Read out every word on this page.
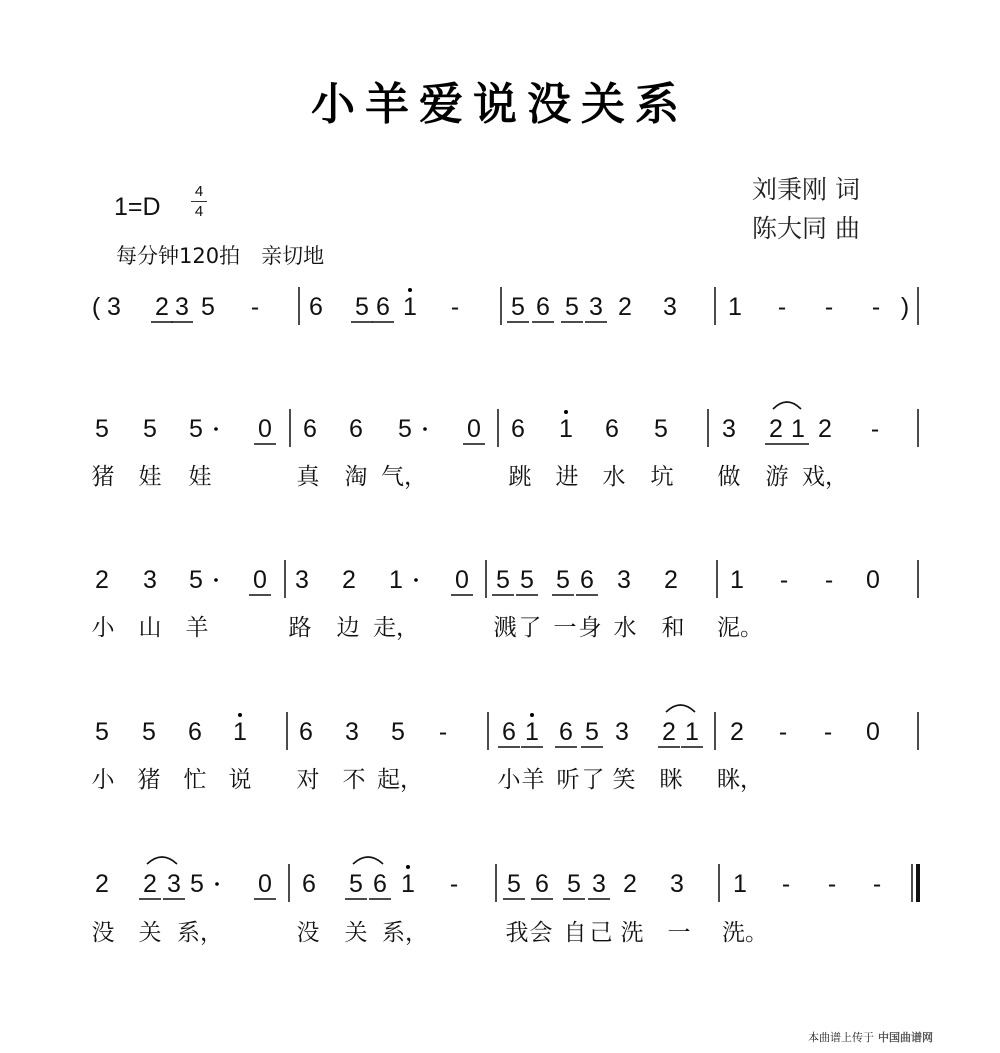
小羊爱说没关系
刘秉刚 词
陈大同 曲
1=D
4
4
每分钟120拍　亲切地
( 3 2 3 5 - 6 5 6 1 - 5 6 5 3 2 3 1 - - - )
5 5 5 0 6 6 5 0 6 1 6 5 3 2 1 2 -
猪 娃 娃	真 淘 气，	跳 进 水 坑 做 游 戏，
2 3 5 0 3 2 1 0 5 5 5 6 3 2 1 - - 0
小 山 羊	路 边 走，	溅 了 一 身 水 和 泥。
5 5 6 1 6 3 5 - 6 1 6 5 3 2 1 2 - - 0
小 猪 忙 说 对 不 起，	小 羊 听 了 笑 眯 眯，
2 2 3 5 0 6 5 6 1 - 5 6 5 3 2 3 1 - - -
没 关 系，	没 关 系，	我 会 自 己 洗 一 洗。
本曲谱上传于 中国曲谱网
